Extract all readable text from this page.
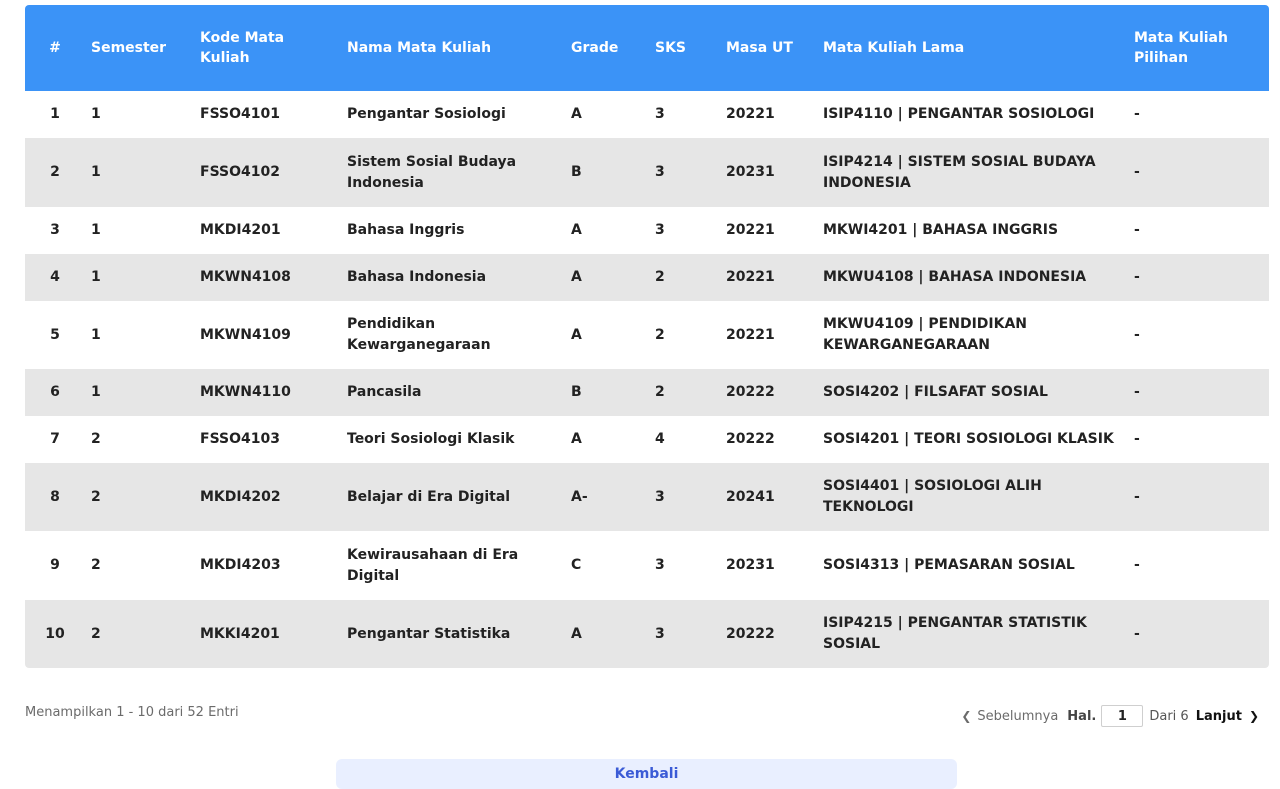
#	Semester	Kode Mata Kuliah	Nama Mata Kuliah	Grade	SKS	Masa UT	Mata Kuliah Lama	Mata Kuliah Pilihan
1	1	FSSO4101	Pengantar Sosiologi	A	3	20221	ISIP4110 | PENGANTAR SOSIOLOGI	-
2	1	FSSO4102	Sistem Sosial Budaya Indonesia	B	3	20231	ISIP4214 | SISTEM SOSIAL BUDAYA INDONESIA	-
3	1	MKDI4201	Bahasa Inggris	A	3	20221	MKWI4201 | BAHASA INGGRIS	-
4	1	MKWN4108	Bahasa Indonesia	A	2	20221	MKWU4108 | BAHASA INDONESIA	-
5	1	MKWN4109	Pendidikan Kewarganegaraan	A	2	20221	MKWU4109 | PENDIDIKAN KEWARGANEGARAAN	-
6	1	MKWN4110	Pancasila	B	2	20222	SOSI4202 | FILSAFAT SOSIAL	-
7	2	FSSO4103	Teori Sosiologi Klasik	A	4	20222	SOSI4201 | TEORI SOSIOLOGI KLASIK	-
8	2	MKDI4202	Belajar di Era Digital	A-	3	20241	SOSI4401 | SOSIOLOGI ALIH TEKNOLOGI	-
9	2	MKDI4203	Kewirausahaan di Era Digital	C	3	20231	SOSI4313 | PEMASARAN SOSIAL	-
10	2	MKKI4201	Pengantar Statistika	A	3	20222	ISIP4215 | PENGANTAR STATISTIK SOSIAL	-
Menampilkan 1 - 10 dari 52 Entri	❮ Sebelumnya Hal.
1	Dari 6 Lanjut ❯
Kembali
